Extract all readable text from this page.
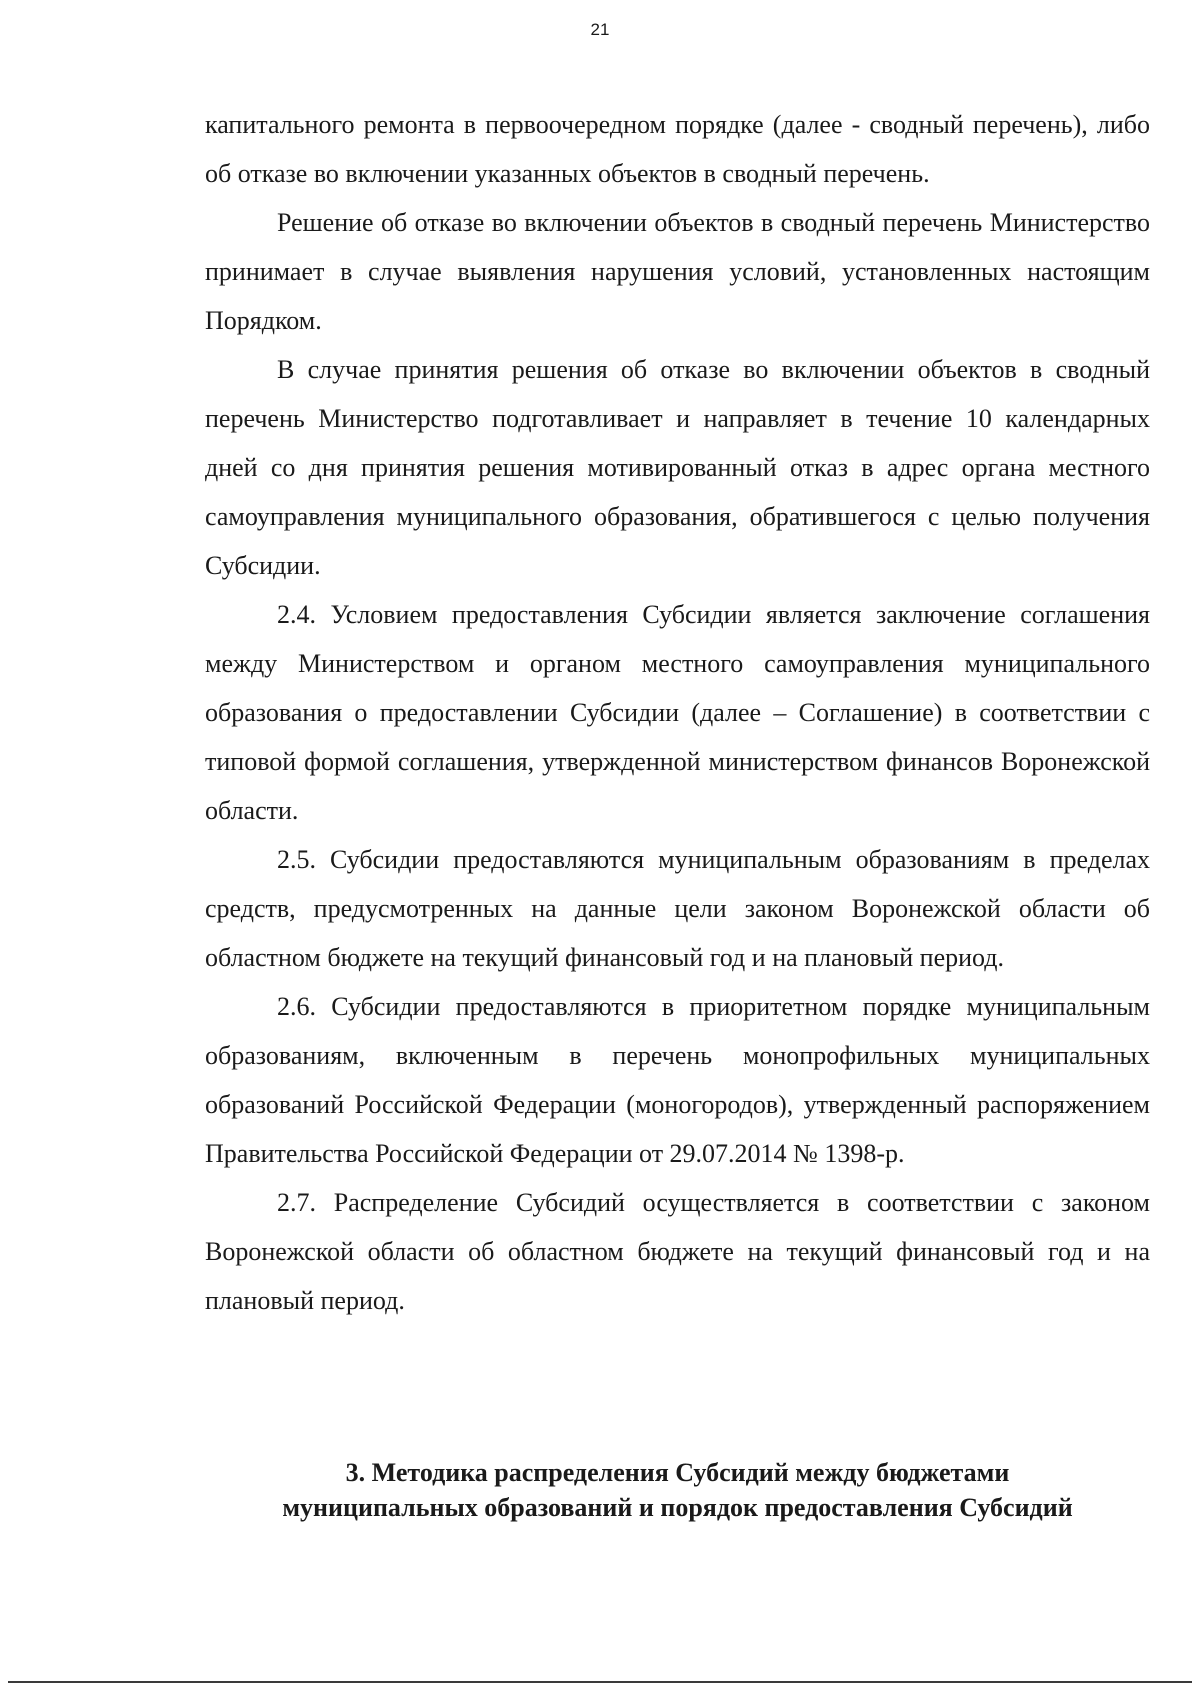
21

капитального ремонта в первоочередном порядке (далее - сводный перечень), либо об отказе во включении указанных объектов в сводный перечень.

Решение об отказе во включении объектов в сводный перечень Министерство принимает в случае выявления нарушения условий, установленных настоящим Порядком.

В случае принятия решения об отказе во включении объектов в сводный перечень Министерство подготавливает и направляет в течение 10 календарных дней со дня принятия решения мотивированный отказ в адрес органа местного самоуправления муниципального образования, обратившегося с целью получения Субсидии.

2.4. Условием предоставления Субсидии является заключение соглашения между Министерством и органом местного самоуправления муниципального образования о предоставлении Субсидии (далее – Соглашение) в соответствии с типовой формой соглашения, утвержденной министерством финансов Воронежской области.

2.5. Субсидии предоставляются муниципальным образованиям в пределах средств, предусмотренных на данные цели законом Воронежской области об областном бюджете на текущий финансовый год и на плановый период.

2.6. Субсидии предоставляются в приоритетном порядке муниципальным образованиям, включенным в перечень монопрофильных муниципальных образований Российской Федерации (моногородов), утвержденный распоряжением Правительства Российской Федерации от 29.07.2014 № 1398-р.

2.7. Распределение Субсидий осуществляется в соответствии с законом Воронежской области об областном бюджете на текущий финансовый год и на плановый период.

3. Методика распределения Субсидий между бюджетами
муниципальных образований и порядок предоставления Субсидий
